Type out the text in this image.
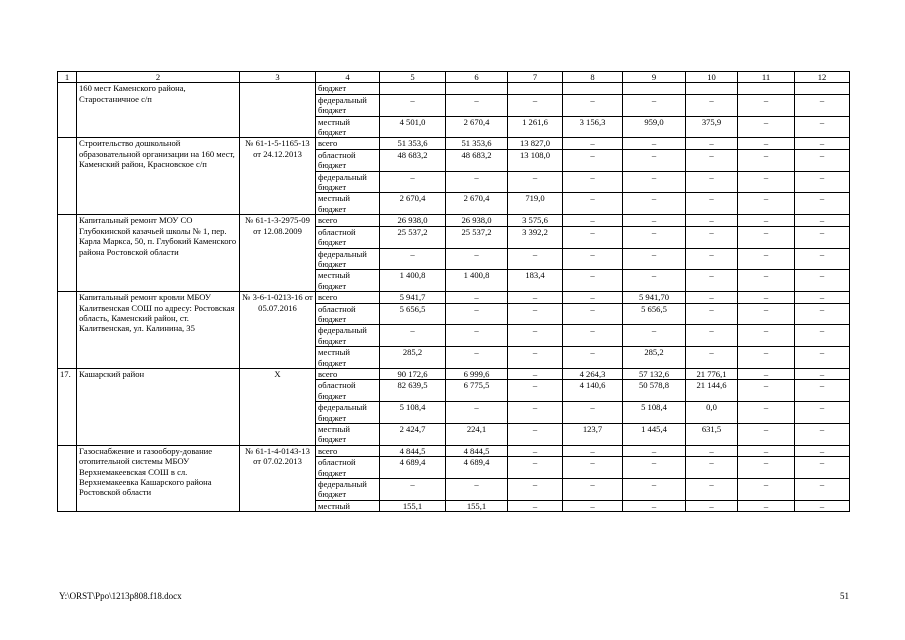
1	2	3	4	5	6	7	8	9	10	11	12
	160 мест Каменского района, Старостаничное с/п		бюджет								
			федеральный бюджет	–	–	–	–	–	–	–	–
			местный бюджет	4 501,0	2 670,4	1 261,6	3 156,3	959,0	375,9	–	–
	Строительство дошкольной образовательной организации на 160 мест, Каменский район, Красновское с/п	№ 61-1-5-1165-13 от 24.12.2013	всего	51 353,6	51 353,6	13 827,0	–	–	–	–	–
			областной бюджет	48 683,2	48 683,2	13 108,0	–	–	–	–	–
			федеральный бюджет	–	–	–	–	–	–	–	–
			местный бюджет	2 670,4	2 670,4	719,0	–	–	–	–	–
	Капитальный ремонт МОУ СО Глубокинской казачьей школы № 1, пер. Карла Маркса, 50, п. Глубокий Каменского района Ростовской области	№ 61-1-3-2975-09 от 12.08.2009	всего	26 938,0	26 938,0	3 575,6	–	–	–	–	–
			областной бюджет	25 537,2	25 537,2	3 392,2	–	–	–	–	–
			федеральный бюджет	–	–	–	–	–	–	–	–
			местный бюджет	1 400,8	1 400,8	183,4	–	–	–	–	–
	Капитальный ремонт кровли МБОУ Калитвенская СОШ по адресу: Ростовская область, Каменский район, ст. Калитвенская, ул. Калинина, 35	№ 3-6-1-0213-16 от 05.07.2016	всего	5 941,7	–	–	–	5 941,70	–	–	–
			областной бюджет	5 656,5	–	–	–	5 656,5	–	–	–
			федеральный бюджет	–	–	–	–	–	–	–	–
			местный бюджет	285,2	–	–	–	285,2	–	–	–
17.	Кашарский район	Х	всего	90 172,6	6 999,6	–	4 264,3	57 132,6	21 776,1	–	–
			областной бюджет	82 639,5	6 775,5	–	4 140,6	50 578,8	21 144,6	–	–
			федеральный бюджет	5 108,4	–	–	–	5 108,4	0,0	–	–
			местный бюджет	2 424,7	224,1	–	123,7	1 445,4	631,5	–	–
	Газоснабжение и газообору-дование отопительной системы МБОУ Верхнемакеевская СОШ в сл. Верхнемакеевка Кашарского района Ростовской области	№ 61-1-4-0143-13 от 07.02.2013	всего	4 844,5	4 844,5	–	–	–	–	–	–
			областной бюджет	4 689,4	4 689,4	–	–	–	–	–	–
			федеральный бюджет	–	–	–	–	–	–	–	–
			местный	155,1	155,1	–	–	–	–	–	–
Y:\ORST\Ppo\1213p808.f18.docx	51
